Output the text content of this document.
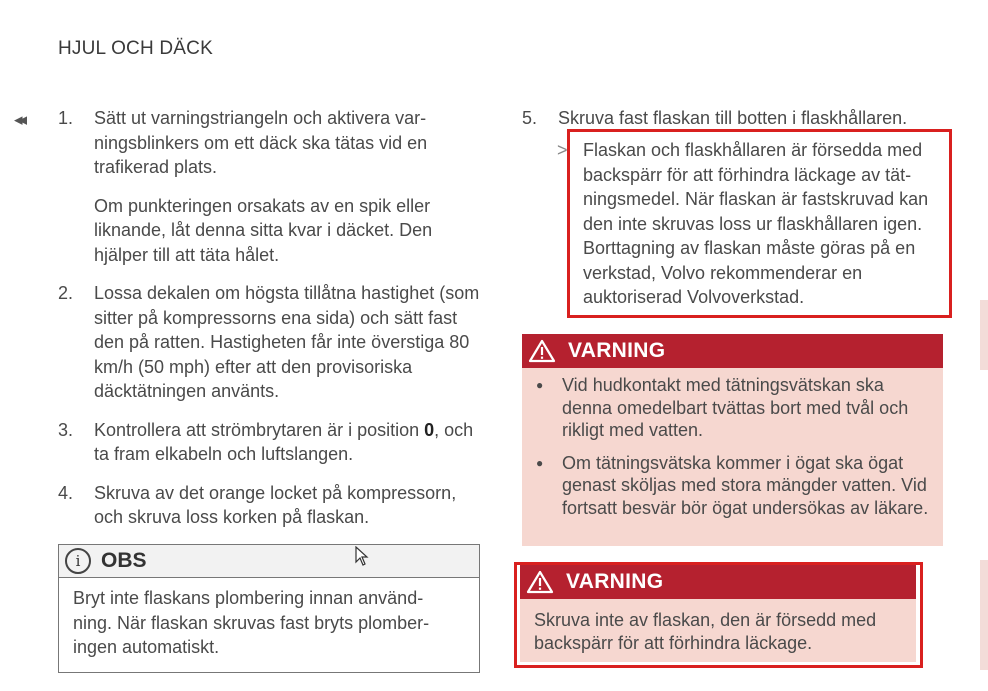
HJUL OCH DÄCK
◂◂ 1.	Sätt ut varningstriangeln och aktivera var- ningsblinkers om ett däck ska tätas vid en trafikerad plats.

Om punkteringen orsakats av en spik eller liknande, låt denna sitta kvar i däcket. Den hjälper till att täta hålet.

2.	Lossa dekalen om högsta tillåtna hastighet (som sitter på kompressorns ena sida) och sätt fast den på ratten. Hastigheten får inte överstiga 80 km/h (50 mph) efter att den provisoriska däcktätningen använts.

3.	Kontrollera att strömbrytaren är i position 0, och ta fram elkabeln och luftslangen.

4.	Skruva av det orange locket på kompressorn, och skruva loss korken på flaskan.

i OBS
Bryt inte flaskans plombering innan använd- ning. När flaskan skruvas fast bryts plomber- ingen automatiskt.
5.	Skruva fast flaskan till botten i flaskhållaren.

> Flaskan och flaskhållaren är försedda med backspärr för att förhindra läckage av tät- ningsmedel. När flaskan är fastskruvad kan den inte skruvas loss ur flaskhållaren igen. Borttagning av flaskan måste göras på en verkstad, Volvo rekommenderar en auktoriserad Volvoverkstad.
VARNING
●	Vid hudkontakt med tätningsvätskan ska denna omedelbart tvättas bort med tvål och rikligt med vatten.
●	Om tätningsvätska kommer i ögat ska ögat genast sköljas med stora mängder vatten. Vid fortsatt besvär bör ögat undersökas av läkare.
VARNING
Skruva inte av flaskan, den är försedd med backspärr för att förhindra läckage.
